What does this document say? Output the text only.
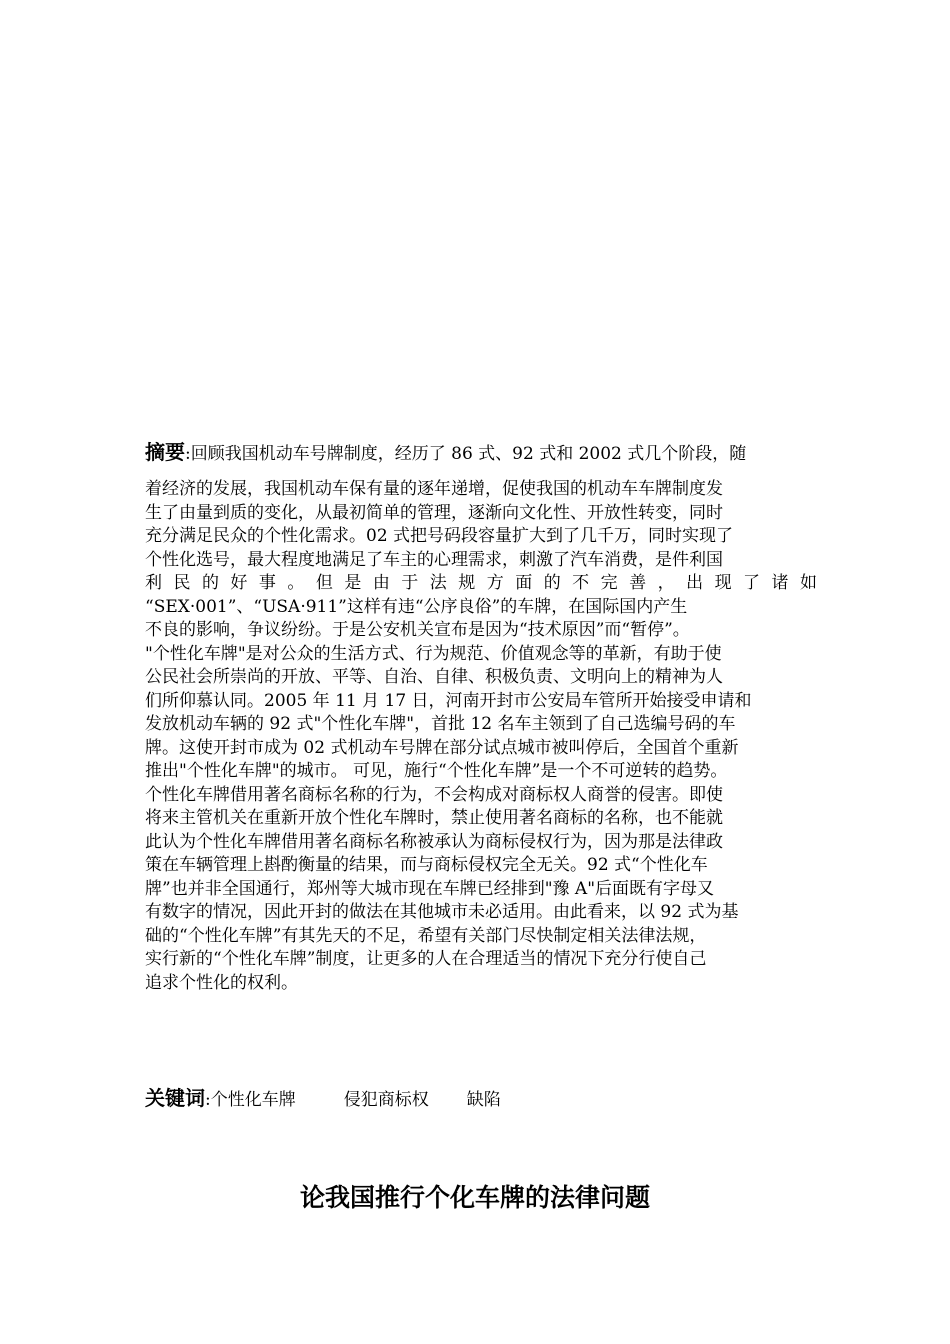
摘要:回顾我国机动车号牌制度，经历了 86 式、92 式和 2002 式几个阶段，随

着经济的发展，我国机动车保有量的逐年递增，促使我国的机动车车牌制度发
生了由量到质的变化，从最初简单的管理，逐渐向文化性、开放性转变，同时
充分满足民众的个性化需求。02 式把号码段容量扩大到了几千万，同时实现了
个性化选号，最大程度地满足了车主的心理需求，刺激了汽车消费，是件利国
利民的好事。但是由于法规方面的不完善，出现了诸如
“SEX·001”、“USA·911”这样有违“公序良俗”的车牌，在国际国内产生
不良的影响，争议纷纷。于是公安机关宣布是因为“技术原因”而“暂停”。
"个性化车牌"是对公众的生活方式、行为规范、价值观念等的革新，有助于使
公民社会所崇尚的开放、平等、自治、自律、积极负责、文明向上的精神为人
们所仰慕认同。2005 年 11 月 17 日，河南开封市公安局车管所开始接受申请和
发放机动车辆的 92 式"个性化车牌"，首批 12 名车主领到了自己选编号码的车
牌。这使开封市成为 02 式机动车号牌在部分试点城市被叫停后，全国首个重新
推出"个性化车牌"的城市。 可见，施行“个性化车牌”是一个不可逆转的趋势。
个性化车牌借用著名商标名称的行为，不会构成对商标权人商誉的侵害。即使
将来主管机关在重新开放个性化车牌时，禁止使用著名商标的名称，也不能就
此认为个性化车牌借用著名商标名称被承认为商标侵权行为，因为那是法律政
策在车辆管理上斟酌衡量的结果，而与商标侵权完全无关。92 式“个性化车
牌”也并非全国通行，郑州等大城市现在车牌已经排到"豫 A"后面既有字母又
有数字的情况，因此开封的做法在其他城市未必适用。由此看来，以 92 式为基
础的“个性化车牌”有其先天的不足，希望有关部门尽快制定相关法律法规，
实行新的“个性化车牌”制度，让更多的人在合理适当的情况下充分行使自己
追求个性化的权利。
关键词:个性化车牌	侵犯商标权 缺陷
论我国推行个化车牌的法律问题
